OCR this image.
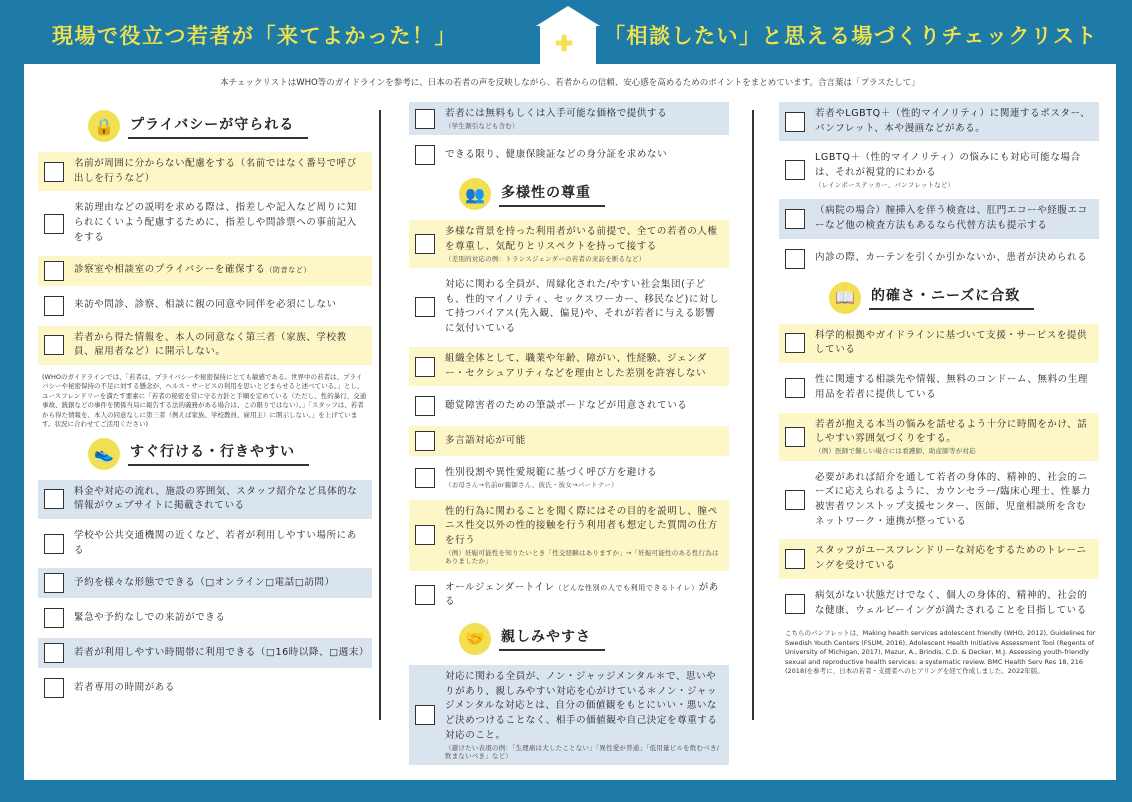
現場で役立つ若者が「来てよかった！」	✚ 「相談したい」と思える場づくりチェックリスト
本チェックリストはWHO等のガイドラインを参考に、日本の若者の声を反映しながら、若者からの信頼、安心感を高めるためのポイントをまとめています。合言葉は「プラスたして」
🔒	プライバシーが守られる
名前が周囲に分からない配慮をする（名前ではなく番号で呼び出しを行うなど）
来訪理由などの説明を求める際は、指差しや記入など周りに知られにくいよう配慮するために、指差しや問診票への事前記入をする
診察室や相談室のプライバシーを確保する（防音など）
来訪や問診、診察、相談に親の同意や同伴を必須にしない
若者から得た情報を、本人の同意なく第三者（家族、学校教員、雇用者など）に開示しない。
(WHOのガイドラインでは、「若者は、プライバシーや秘密保持にとても敏感である。世界中の若者は、プライバシーや秘密保持の不足に対する懸念が、ヘルス・サービスの利用を思いとどまらせると述べている。」とし、ユースフレンドリーを満たす要素に「若者の秘密を常に守る方針と手順を定めている（ただし、性的暴行、交通事故、銃創などの事件を関係当局に報告する法的義務がある場合は、この限りではない）。」「スタッフは、若者から得た情報を、本人の同意なしに第三者（例えば家族、学校教員、雇用主）に開示しない。」を上げています。状況に合わせてご活用ください)
👟	すぐ行ける・行きやすい
料金や対応の流れ、施設の雰囲気、スタッフ紹介など具体的な情報がウェブサイトに掲載されている
学校や公共交通機関の近くなど、若者が利用しやすい場所にある
予約を様々な形態でできる（□オンライン□電話□訪問）
緊急や予約なしでの来訪ができる
若者が利用しやすい時間帯に利用できる（□16時以降、□週末）
若者専用の時間がある
若者には無料もしくは入手可能な価格で提供する
（学生割引なども含む）
できる限り、健康保険証などの身分証を求めない
👥	多様性の尊重
多様な背景を持った利用者がいる前提で、全ての若者の人権を尊重し、気配りとリスペクトを持って接する
（差別的対応の例：トランスジェンダーの若者の来訪を断るなど）
対応に関わる全員が、周縁化された/やすい社会集団(子ども、性的マイノリティ、セックスワーカー、移民など)に対して持つバイアス(先入観、偏見)や、それが若者に与える影響に気付いている
組織全体として、職業や年齢、障がい、性経験、ジェンダー・セクシュアリティなどを理由とした差別を許容しない
聴覚障害者のための筆談ボードなどが用意されている
多言語対応が可能
性別役割や異性愛規範に基づく呼び方を避ける
（お母さん→名前or親御さん、彼氏・彼女→パートナー）
性的行為に関わることを聞く際にはその目的を説明し、膣ペニス性交以外の性的接触を行う利用者も想定した質問の仕方を行う
（例）妊娠可能性を知りたいとき「性交経験はありますか」→「妊娠可能性のある性行為はありましたか」
オールジェンダートイレ（どんな性別の人でも利用できるトイレ）がある
🤝	親しみやすさ
対応に関わる全員が、ノン・ジャッジメンタル＊で、思いやりがあり、親しみやすい対応を心がけている＊ノン・ジャッジメンタルな対応とは、自分の価値観をもとにいい・悪いなど決めつけることなく、相手の価値観や自己決定を尊重する対応のこと。
（避けたい表現の例：「生理痛は大したことない」「異性愛が普通」「低用量ピルを飲むべき/飲まないべき」など）
若者やLGBTQ＋（性的マイノリティ）に関連するポスター、パンフレット、本や漫画などがある。
LGBTQ＋（性的マイノリティ）の悩みにも対応可能な場合は、それが視覚的にわかる
（レインボーステッカー、パンフレットなど）
（病院の場合）膣挿入を伴う検査は、肛門エコーや経腹エコーなど他の検査方法もあるなら代替方法も提示する
内診の際、カーテンを引くか引かないか、患者が決められる
📖	的確さ・ニーズに合致
科学的根拠やガイドラインに基づいて支援・サービスを提供している
性に関連する相談先や情報、無料のコンドーム、無料の生理用品を若者に提供している
若者が抱える本当の悩みを話せるよう十分に時間をかけ、話しやすい雰囲気づくりをする。
（例）医師で難しい場合には看護師、助産師等が対応
必要があれば紹介を通して若者の身体的、精神的、社会的ニーズに応えられるように、カウンセラー/臨床心理士、性暴力被害者ワンストップ支援センター、医師、児童相談所を含むネットワーク・連携が整っている
スタッフがユースフレンドリーな対応をするためのトレーニングを受けている
病気がない状態だけでなく、個人の身体的、精神的、社会的な健康、ウェルビーイングが満たされることを目指している
こちらのパンフレットは、Making health services adolescent friendly (WHO, 2012), Guidelines for Swedish Youth Centers (FSUM, 2016), Adolescent Health Initiative Assessment Tool (Regents of University of Michigan, 2017), Mazur, A., Brindis, C.D. & Decker, M.J. Assessing youth-friendly sexual and reproductive health services: a systematic review. BMC Health Serv Res 18, 216 (2018)を参考に、日本の若者・支援者へのヒアリングを経て作成しました。2022年版。
